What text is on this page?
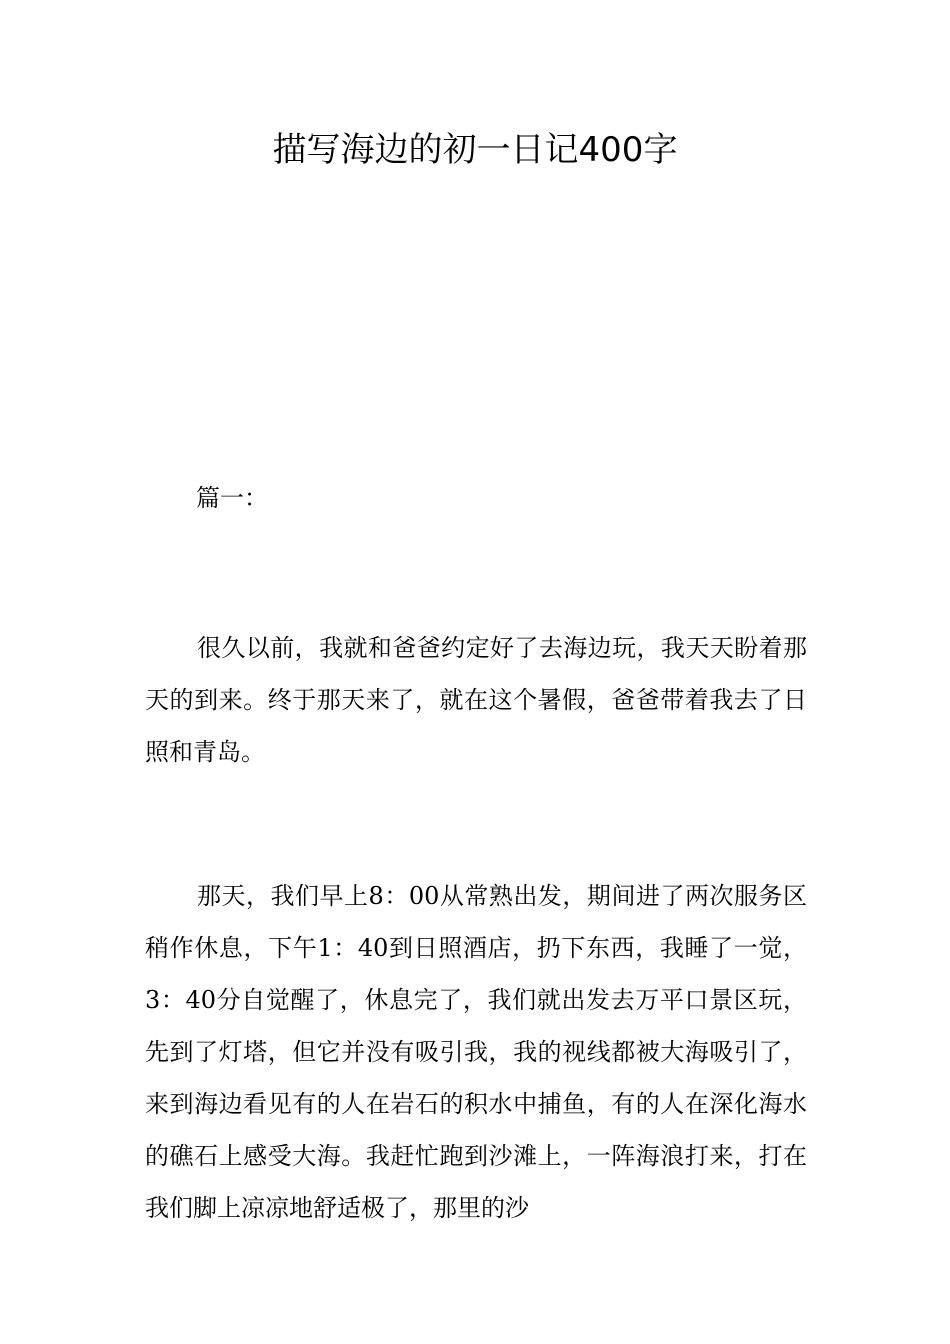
描写海边的初一日记400字

篇一：

很久以前，我就和爸爸约定好了去海边玩，我天天盼着那天的到来。终于那天来了，就在这个暑假，爸爸带着我去了日照和青岛。

那天，我们早上8：00从常熟出发，期间进了两次服务区稍作休息，下午1：40到日照酒店，扔下东西，我睡了一觉，3：40分自觉醒了，休息完了，我们就出发去万平口景区玩，先到了灯塔，但它并没有吸引我，我的视线都被大海吸引了，来到海边看见有的人在岩石的积水中捕鱼，有的人在深化海水的礁石上感受大海。我赶忙跑到沙滩上，一阵海浪打来，打在我们脚上凉凉地舒适极了，那里的沙
